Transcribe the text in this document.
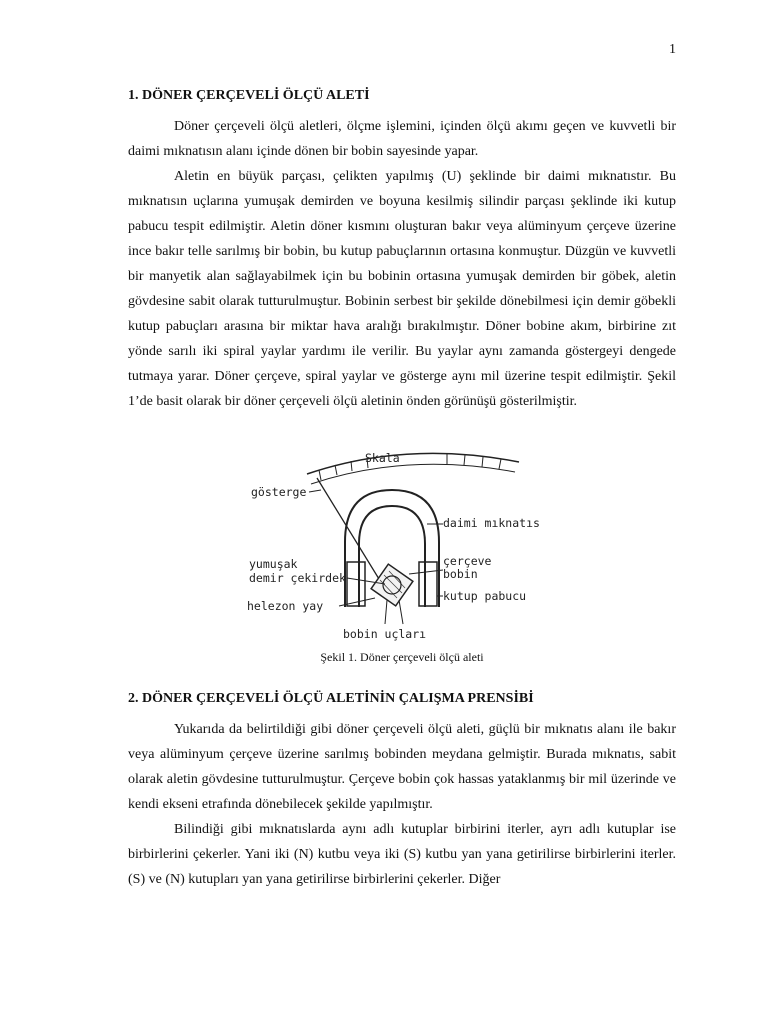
1
1. DÖNER ÇERÇEVELİ ÖLÇÜ ALETİ

Döner çerçeveli ölçü aletleri, ölçme işlemini, içinden ölçü akımı geçen ve kuvvetli bir daimi mıknatısın alanı içinde dönen bir bobin sayesinde yapar.

Aletin en büyük parçası, çelikten yapılmış (U) şeklinde bir daimi mıknatıstır. Bu mıknatısın uçlarına yumuşak demirden ve boyuna kesilmiş silindir parçası şeklinde iki kutup pabucu tespit edilmiştir. Aletin döner kısmını oluşturan bakır veya alüminyum çerçeve üzerine ince bakır telle sarılmış bir bobin, bu kutup pabuçlarının ortasına konmuştur. Düzgün ve kuvvetli bir manyetik alan sağlayabilmek için bu bobinin ortasına yumuşak demirden bir göbek, aletin gövdesine sabit olarak tutturulmuştur. Bobinin serbest bir şekilde dönebilmesi için demir göbekli kutup pabuçları arasına bir miktar hava aralığı bırakılmıştır. Döner bobine akım, birbirine zıt yönde sarılı iki spiral yaylar yardımı ile verilir. Bu yaylar aynı zamanda göstergeyi dengede tutmaya yarar. Döner çerçeve, spiral yaylar ve gösterge aynı mil üzerine tespit edilmiştir. Şekil 1’de basit olarak bir döner çerçeveli ölçü aletinin önden görünüşü gösterilmiştir.

Skala
gösterge
daimi mıknatıs
kutup pabucu
çerçeve
bobin
yumuşak
demir çekirdek
helezon yay
bobin uçları
Şekil 1. Döner çerçeveli ölçü aleti
2. DÖNER ÇERÇEVELİ ÖLÇÜ ALETİNİN ÇALIŞMA PRENSİBİ

Yukarıda da belirtildiği gibi döner çerçeveli ölçü aleti, güçlü bir mıknatıs alanı ile bakır veya alüminyum çerçeve üzerine sarılmış bobinden meydana gelmiştir. Burada mıknatıs, sabit olarak aletin gövdesine tutturulmuştur. Çerçeve bobin çok hassas yataklanmış bir mil üzerinde ve kendi ekseni etrafında dönebilecek şekilde yapılmıştır.

Bilindiği gibi mıknatıslarda aynı adlı kutuplar birbirini iterler, ayrı adlı kutuplar ise birbirlerini çekerler. Yani iki (N) kutbu veya iki (S) kutbu yan yana getirilirse birbirlerini iterler. (S) ve (N) kutupları yan yana getirilirse birbirlerini çekerler. Diğer
